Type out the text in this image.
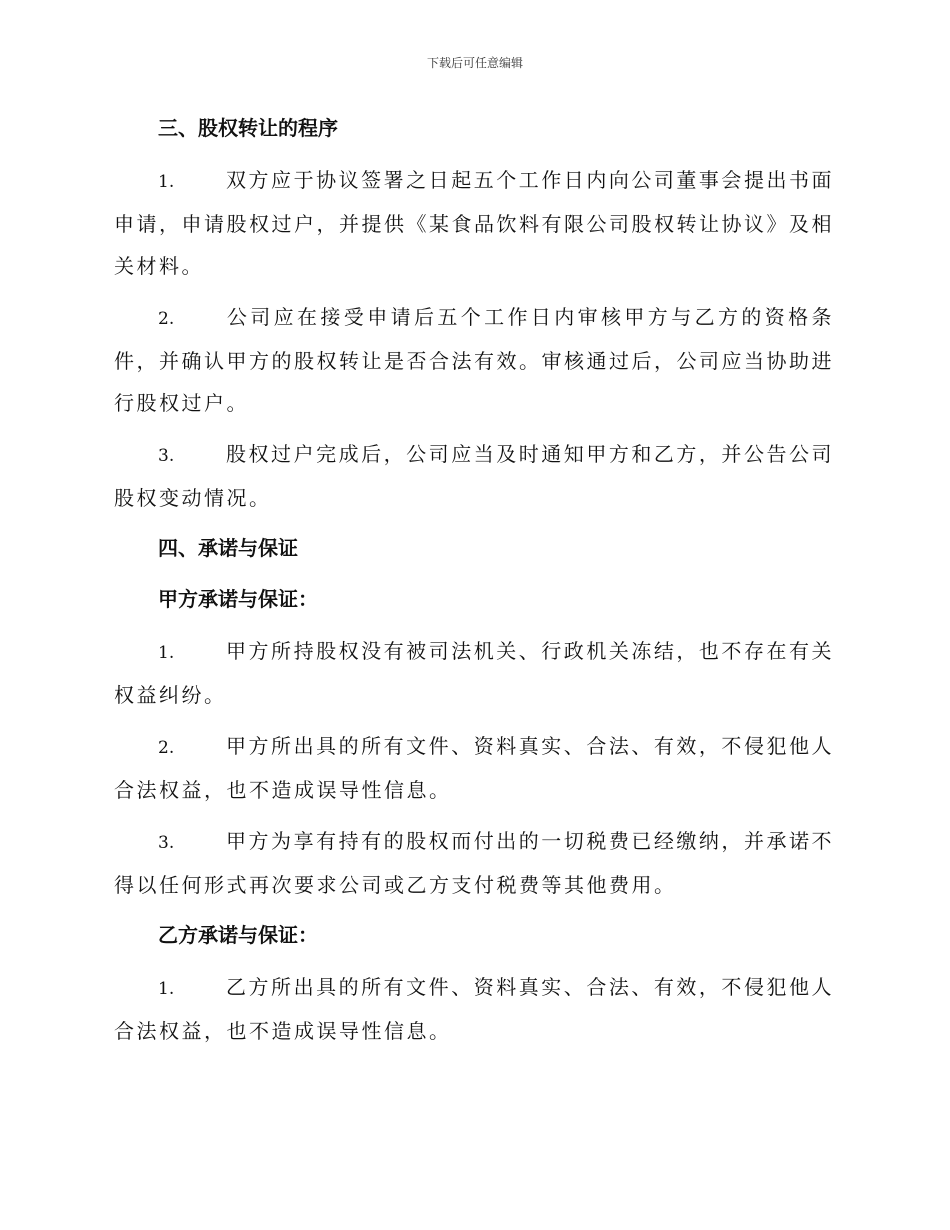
下载后可任意编辑
三、股权转让的程序

1.	双方应于协议签署之日起五个工作日内向公司董事会提出书面申请，申请股权过户，并提供《某食品饮料有限公司股权转让协议》及相关材料。

2.	公司应在接受申请后五个工作日内审核甲方与乙方的资格条件，并确认甲方的股权转让是否合法有效。审核通过后，公司应当协助进行股权过户。

3.	股权过户完成后，公司应当及时通知甲方和乙方，并公告公司股权变动情况。

四、承诺与保证
甲方承诺与保证：

1.	甲方所持股权没有被司法机关、行政机关冻结，也不存在有关权益纠纷。

2.	甲方所出具的所有文件、资料真实、合法、有效，不侵犯他人合法权益，也不造成误导性信息。

3.	甲方为享有持有的股权而付出的一切税费已经缴纳，并承诺不得以任何形式再次要求公司或乙方支付税费等其他费用。

乙方承诺与保证：

1.	乙方所出具的所有文件、资料真实、合法、有效，不侵犯他人合法权益，也不造成误导性信息。
